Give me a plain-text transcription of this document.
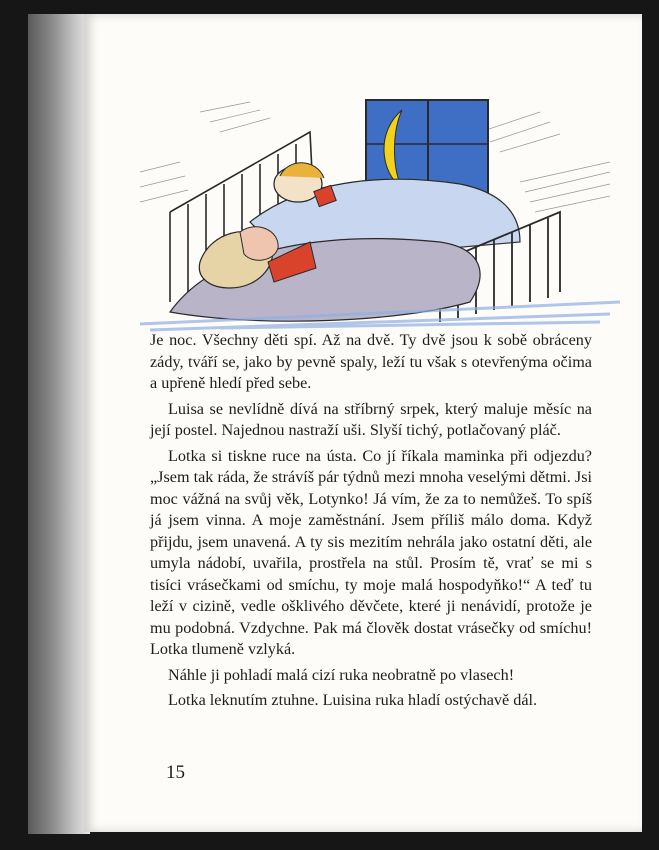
Je noc. Všechny děti spí. Až na dvě. Ty dvě jsou k sobě obráceny zády, tváří se, jako by pevně spaly, leží tu však s otevřenýma očima a upřeně hledí před sebe.

Luisa se nevlídně dívá na stříbrný srpek, který maluje měsíc na její postel. Najednou nastraží uši. Slyší tichý, potlačovaný pláč.

Lotka si tiskne ruce na ústa. Co jí říkala maminka při odjezdu? „Jsem tak ráda, že strávíš pár týdnů mezi mnoha veselými dětmi. Jsi moc vážná na svůj věk, Lotynko! Já vím, že za to nemůžeš. To spíš já jsem vinna. A moje zaměstnání. Jsem příliš málo doma. Když přijdu, jsem unavená. A ty sis mezitím nehrála jako ostatní děti, ale umyla nádobí, uvařila, prostřela na stůl. Prosím tě, vrať se mi s tisíci vrásečkami od smíchu, ty moje malá hospodyňko!“ A teď tu leží v cizině, vedle ošklivého děvčete, které ji nenávidí, protože je mu podobná. Vzdychne. Pak má člověk dostat vrásečky od smíchu! Lotka tlumeně vzlyká.

Náhle ji pohladí malá cizí ruka neobratně po vlasech!

Lotka leknutím ztuhne. Luisina ruka hladí ostýchavě dál.

15
